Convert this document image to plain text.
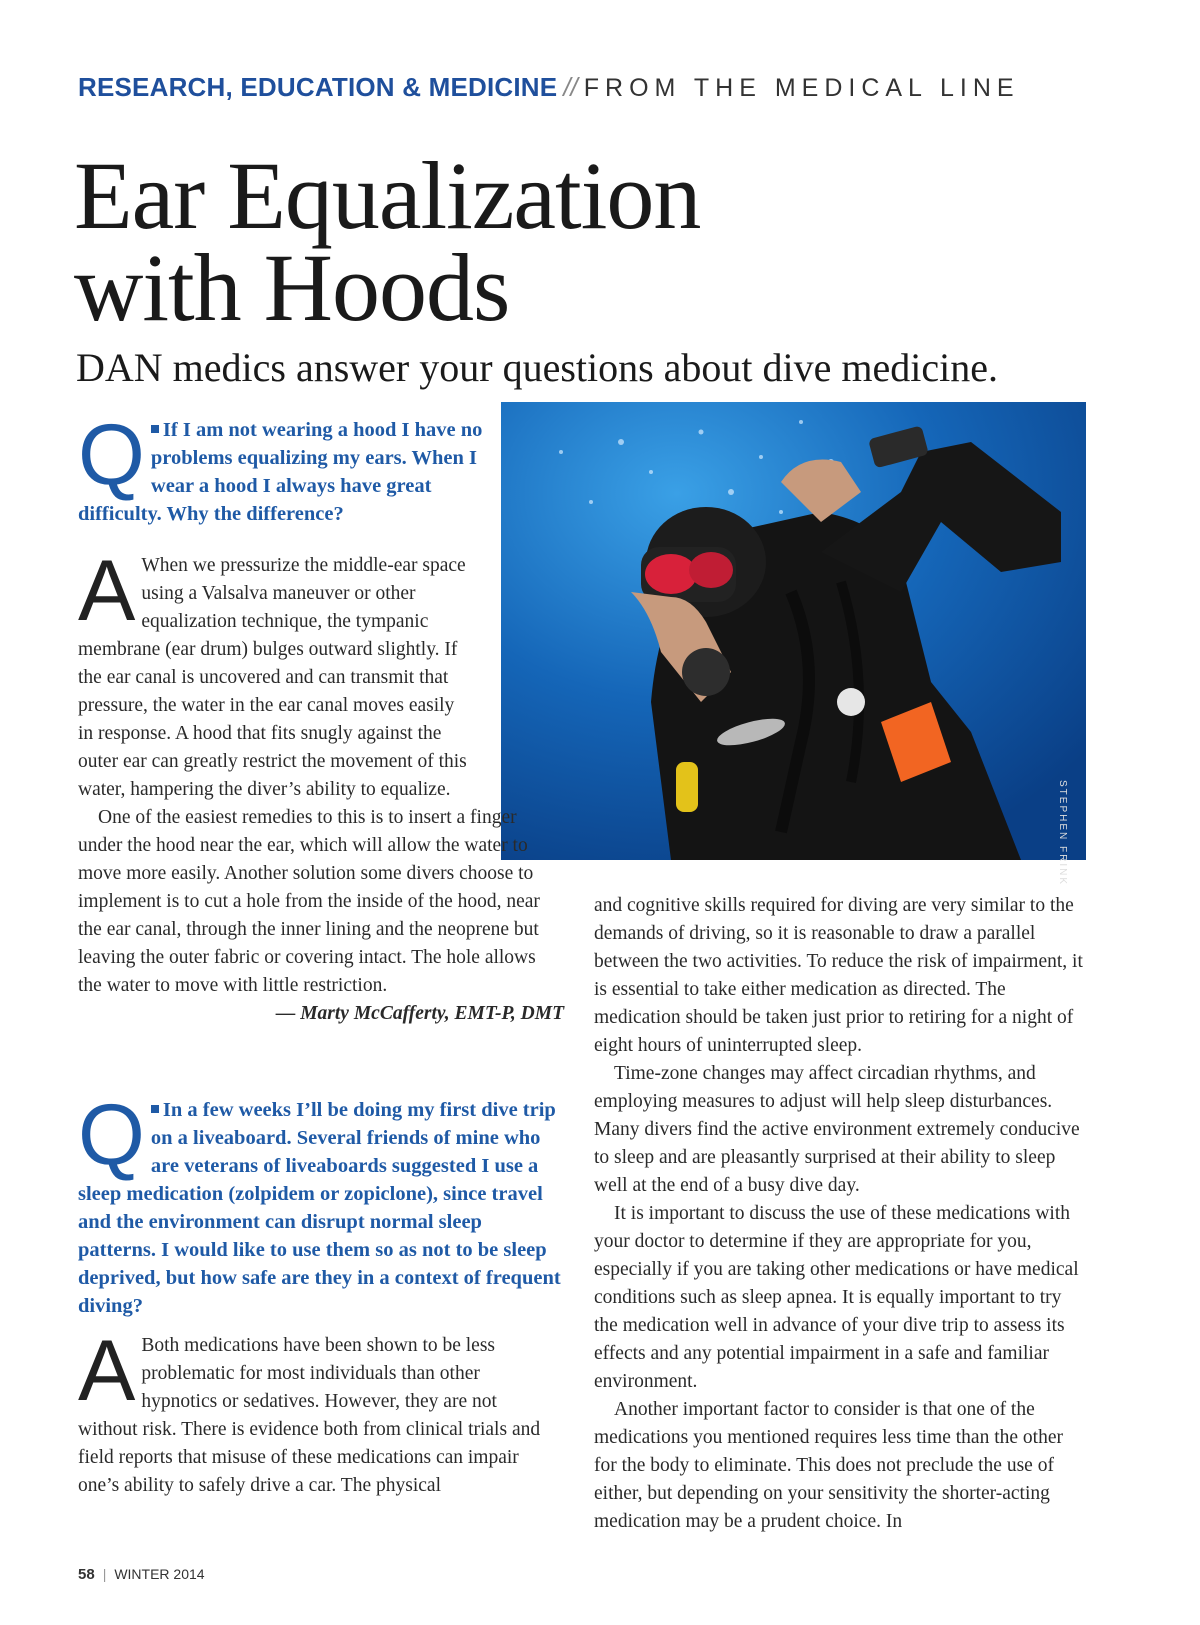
RESEARCH, EDUCATION & MEDICINE // FROM THE MEDICAL LINE
Ear Equalization
with Hoods
DAN medics answer your questions about dive medicine.
STEPHEN FRINK
Q If I am not wearing a hood I have no problems equalizing my ears. When I wear a hood I always have great difficulty. Why the difference?
A When we pressurize the middle-ear space using a Valsalva maneuver or other equalization technique, the tympanic membrane (ear drum) bulges outward slightly. If the ear canal is uncovered and can transmit that pressure, the water in the ear canal moves easily in response. A hood that fits snugly against the outer ear can greatly restrict the movement of this water, hampering the diver’s ability to equalize.

One of the easiest remedies to this is to insert a finger under the hood near the ear, which will allow the water to move more easily. Another solution some divers choose to implement is to cut a hole from the inside of the hood, near the ear canal, through the inner lining and the neoprene but leaving the outer fabric or covering intact. The hole allows the water to move with little restriction.

— Marty McCafferty, EMT-P, DMT

Q In a few weeks I’ll be doing my first dive trip on a liveaboard. Several friends of mine who are veterans of liveaboards suggested I use a sleep medication (zolpidem or zopiclone), since travel and the environment can disrupt normal sleep patterns. I would like to use them so as not to be sleep deprived, but how safe are they in a context of frequent diving?
A Both medications have been shown to be less problematic for most individuals than other hypnotics or sedatives. However, they are not without risk. There is evidence both from clinical trials and field reports that misuse of these medications can impair one’s ability to safely drive a car. The physical

and cognitive skills required for diving are very similar to the demands of driving, so it is reasonable to draw a parallel between the two activities. To reduce the risk of impairment, it is essential to take either medication as directed. The medication should be taken just prior to retiring for a night of eight hours of uninterrupted sleep.

Time-zone changes may affect circadian rhythms, and employing measures to adjust will help sleep disturbances. Many divers find the active environment extremely conducive to sleep and are pleasantly surprised at their ability to sleep well at the end of a busy dive day.

It is important to discuss the use of these medications with your doctor to determine if they are appropriate for you, especially if you are taking other medications or have medical conditions such as sleep apnea. It is equally important to try the medication well in advance of your dive trip to assess its effects and any potential impairment in a safe and familiar environment.

Another important factor to consider is that one of the medications you mentioned requires less time than the other for the body to eliminate. This does not preclude the use of either, but depending on your sensitivity the shorter-acting medication may be a prudent choice. In

58 | WINTER 2014
